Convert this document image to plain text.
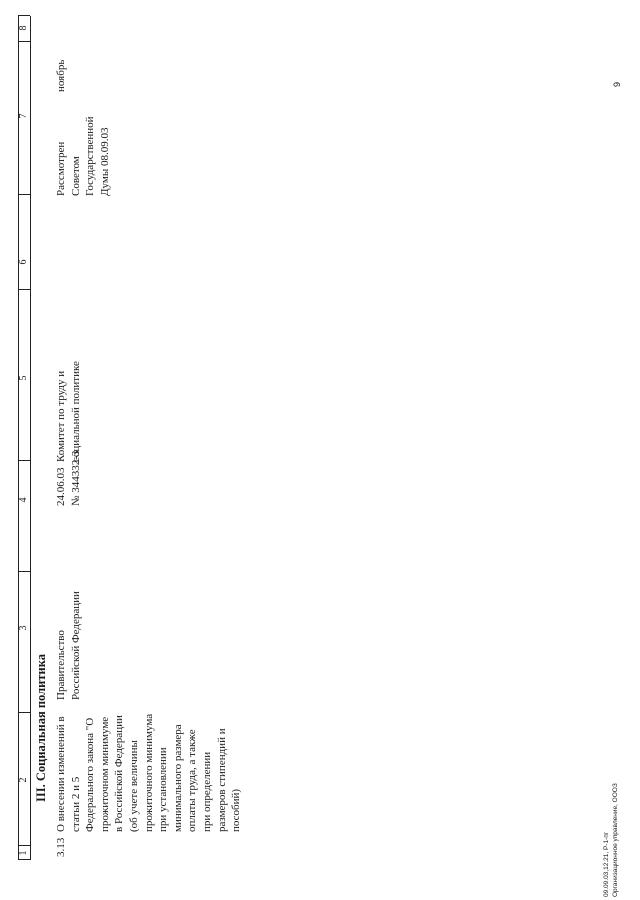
1
2
3
4
5
6
7
8
III. Социальная политика
3.13
О внесении изменений в
статьи 2 и 5
Федерального закона "О
прожиточном минимуме
в Российской Федерации
(об учете величины
прожиточного минимума
при установлении
минимального размера
оплаты труда, а также
при определении
размеров стипендий и
пособий)
Правительство
Российской Федерации
24.06.03
№ 344332-3
Комитет по труду и
социальной политике
Рассмотрен
Советом
Государственной
Думы 08.09.03
ноябрь
09.09.03,12.21, Р-1-пг
Организационное управление, ОООЗ
9
